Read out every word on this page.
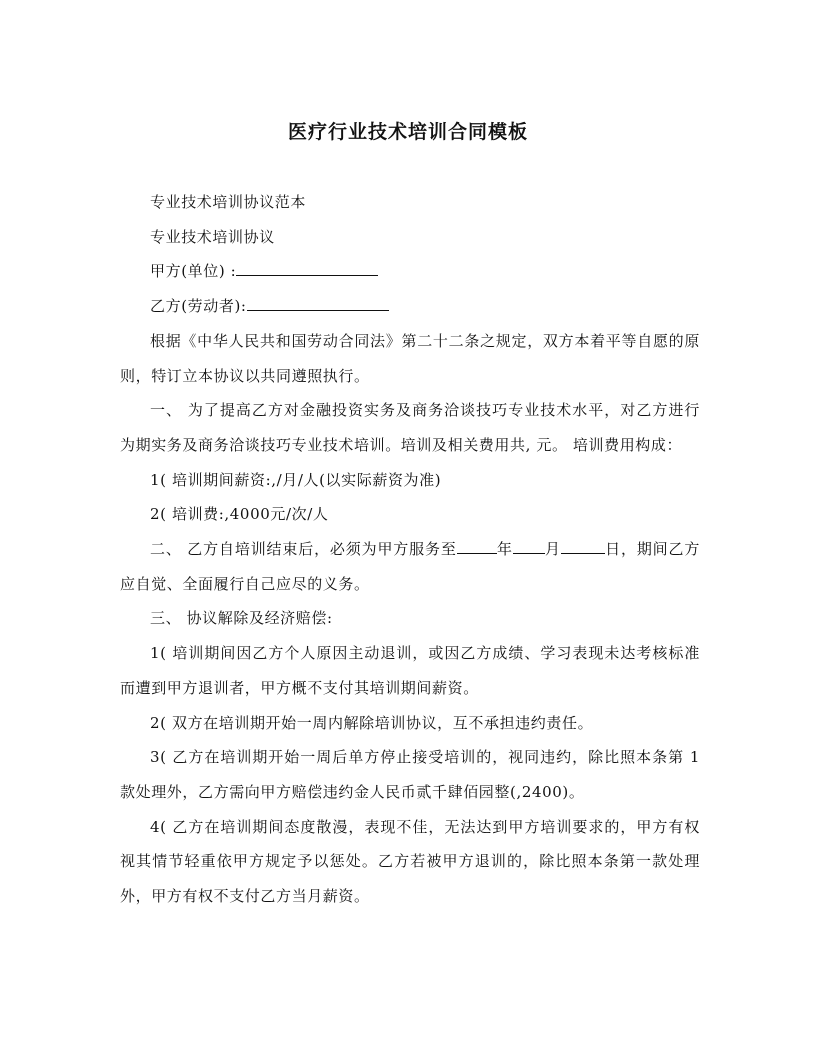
医疗行业技术培训合同模板

专业技术培训协议范本

专业技术培训协议

甲方(单位) :

乙方(劳动者):

根据《中华人民共和国劳动合同法》第二十二条之规定，双方本着平等自愿的原则，特订立本协议以共同遵照执行。

一、 为了提高乙方对金融投资实务及商务洽谈技巧专业技术水平，对乙方进行为期实务及商务洽谈技巧专业技术培训。培训及相关费用共, 元。 培训费用构成：

1( 培训期间薪资:,/月/人(以实际薪资为准)

2( 培训费:,4000元/次/人

二、 乙方自培训结束后，必须为甲方服务至	年 月	日，期间乙方应自觉、全面履行自己应尽的义务。

三、 协议解除及经济赔偿:

1( 培训期间因乙方个人原因主动退训，或因乙方成绩、学习表现未达考核标准而遭到甲方退训者，甲方概不支付其培训期间薪资。

2( 双方在培训期开始一周内解除培训协议，互不承担违约责任。

3( 乙方在培训期开始一周后单方停止接受培训的，视同违约，除比照本条第 1 款处理外，乙方需向甲方赔偿违约金人民币贰千肆佰园整(,2400)。

4( 乙方在培训期间态度散漫，表现不佳，无法达到甲方培训要求的，甲方有权视其情节轻重依甲方规定予以惩处。乙方若被甲方退训的，除比照本条第一款处理外，甲方有权不支付乙方当月薪资。
